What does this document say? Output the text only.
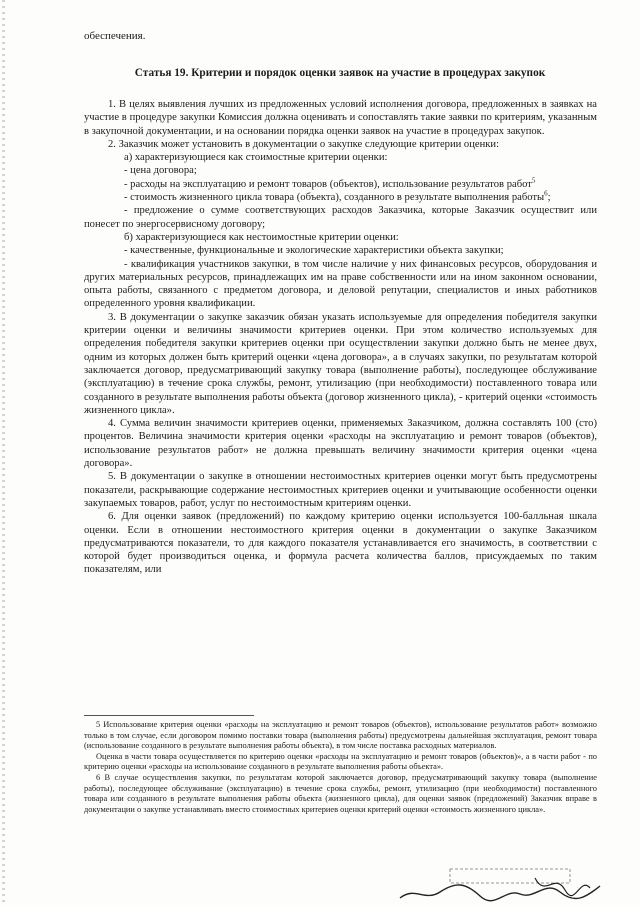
обеспечения.
Статья 19. Критерии и порядок оценки заявок на участие в процедурах закупок

1. В целях выявления лучших из предложенных условий исполнения договора, предложенных в заявках на участие в процедуре закупки Комиссия должна оценивать и сопоставлять такие заявки по критериям, указанным в закупочной документации, и на основании порядка оценки заявок на участие в процедурах закупок.

2. Заказчик может установить в документации о закупке следующие критерии оценки:

а) характеризующиеся как стоимостные критерии оценки:

- цена договора;

- расходы на эксплуатацию и ремонт товаров (объектов), использование результатов работ$^5$

- стоимость жизненного цикла товара (объекта), созданного в результате выполнения работы$^6$;

- предложение о сумме соответствующих расходов Заказчика, которые Заказчик осуществит или понесет по энергосервисному договору;

б) характеризующиеся как нестоимостные критерии оценки:

- качественные, функциональные и экологические характеристики объекта закупки;

- квалификация участников закупки, в том числе наличие у них финансовых ресурсов, оборудования и других материальных ресурсов, принадлежащих им на праве собственности или на ином законном основании, опыта работы, связанного с предметом договора, и деловой репутации, специалистов и иных работников определенного уровня квалификации.

3. В документации о закупке заказчик обязан указать используемые для определения победителя закупки критерии оценки и величины значимости критериев оценки. При этом количество используемых для определения победителя закупки критериев оценки при осуществлении закупки должно быть не менее двух, одним из которых должен быть критерий оценки «цена договора», а в случаях закупки, по результатам которой заключается договор, предусматривающий закупку товара (выполнение работы), последующее обслуживание (эксплуатацию) в течение срока службы, ремонт, утилизацию (при необходимости) поставленного товара или созданного в результате выполнения работы объекта (договор жизненного цикла), - критерий оценки «стоимость жизненного цикла».

4. Сумма величин значимости критериев оценки, применяемых Заказчиком, должна составлять 100 (сто) процентов. Величина значимости критерия оценки «расходы на эксплуатацию и ремонт товаров (объектов), использование результатов работ» не должна превышать величину значимости критерия оценки «цена договора».

5. В документации о закупке в отношении нестоимостных критериев оценки могут быть предусмотрены показатели, раскрывающие содержание нестоимостных критериев оценки и учитывающие особенности оценки закупаемых товаров, работ, услуг по нестоимостным критериям оценки.

6. Для оценки заявок (предложений) по каждому критерию оценки используется 100-балльная шкала оценки. Если в отношении нестоимостного критерия оценки в документации о закупке Заказчиком предусматриваются показатели, то для каждого показателя устанавливается его значимость, в соответствии с которой будет производиться оценка, и формула расчета количества баллов, присуждаемых по таким показателям, или

5 Использование критерия оценки «расходы на эксплуатацию и ремонт товаров (объектов), использование результатов работ» возможно только в том случае, если договором помимо поставки товара (выполнения работы) предусмотрены дальнейшая эксплуатация, ремонт товара (использование созданного в результате выполнения работы объекта), в том числе поставка расходных материалов.

Оценка в части товара осуществляется по критерию оценки «расходы на эксплуатацию и ремонт товаров (объектов)», а в части работ - по критерию оценки «расходы на использование созданного в результате выполнения работы объекта».

6 В случае осуществления закупки, по результатам которой заключается договор, предусматривающий закупку товара (выполнение работы), последующее обслуживание (эксплуатацию) в течение срока службы, ремонт, утилизацию (при необходимости) поставленного товара или созданного в результате выполнения работы объекта (жизненного цикла), для оценки заявок (предложений) Заказчик вправе в документации о закупке устанавливать вместо стоимостных критериев оценки критерий оценки «стоимость жизненного цикла».
